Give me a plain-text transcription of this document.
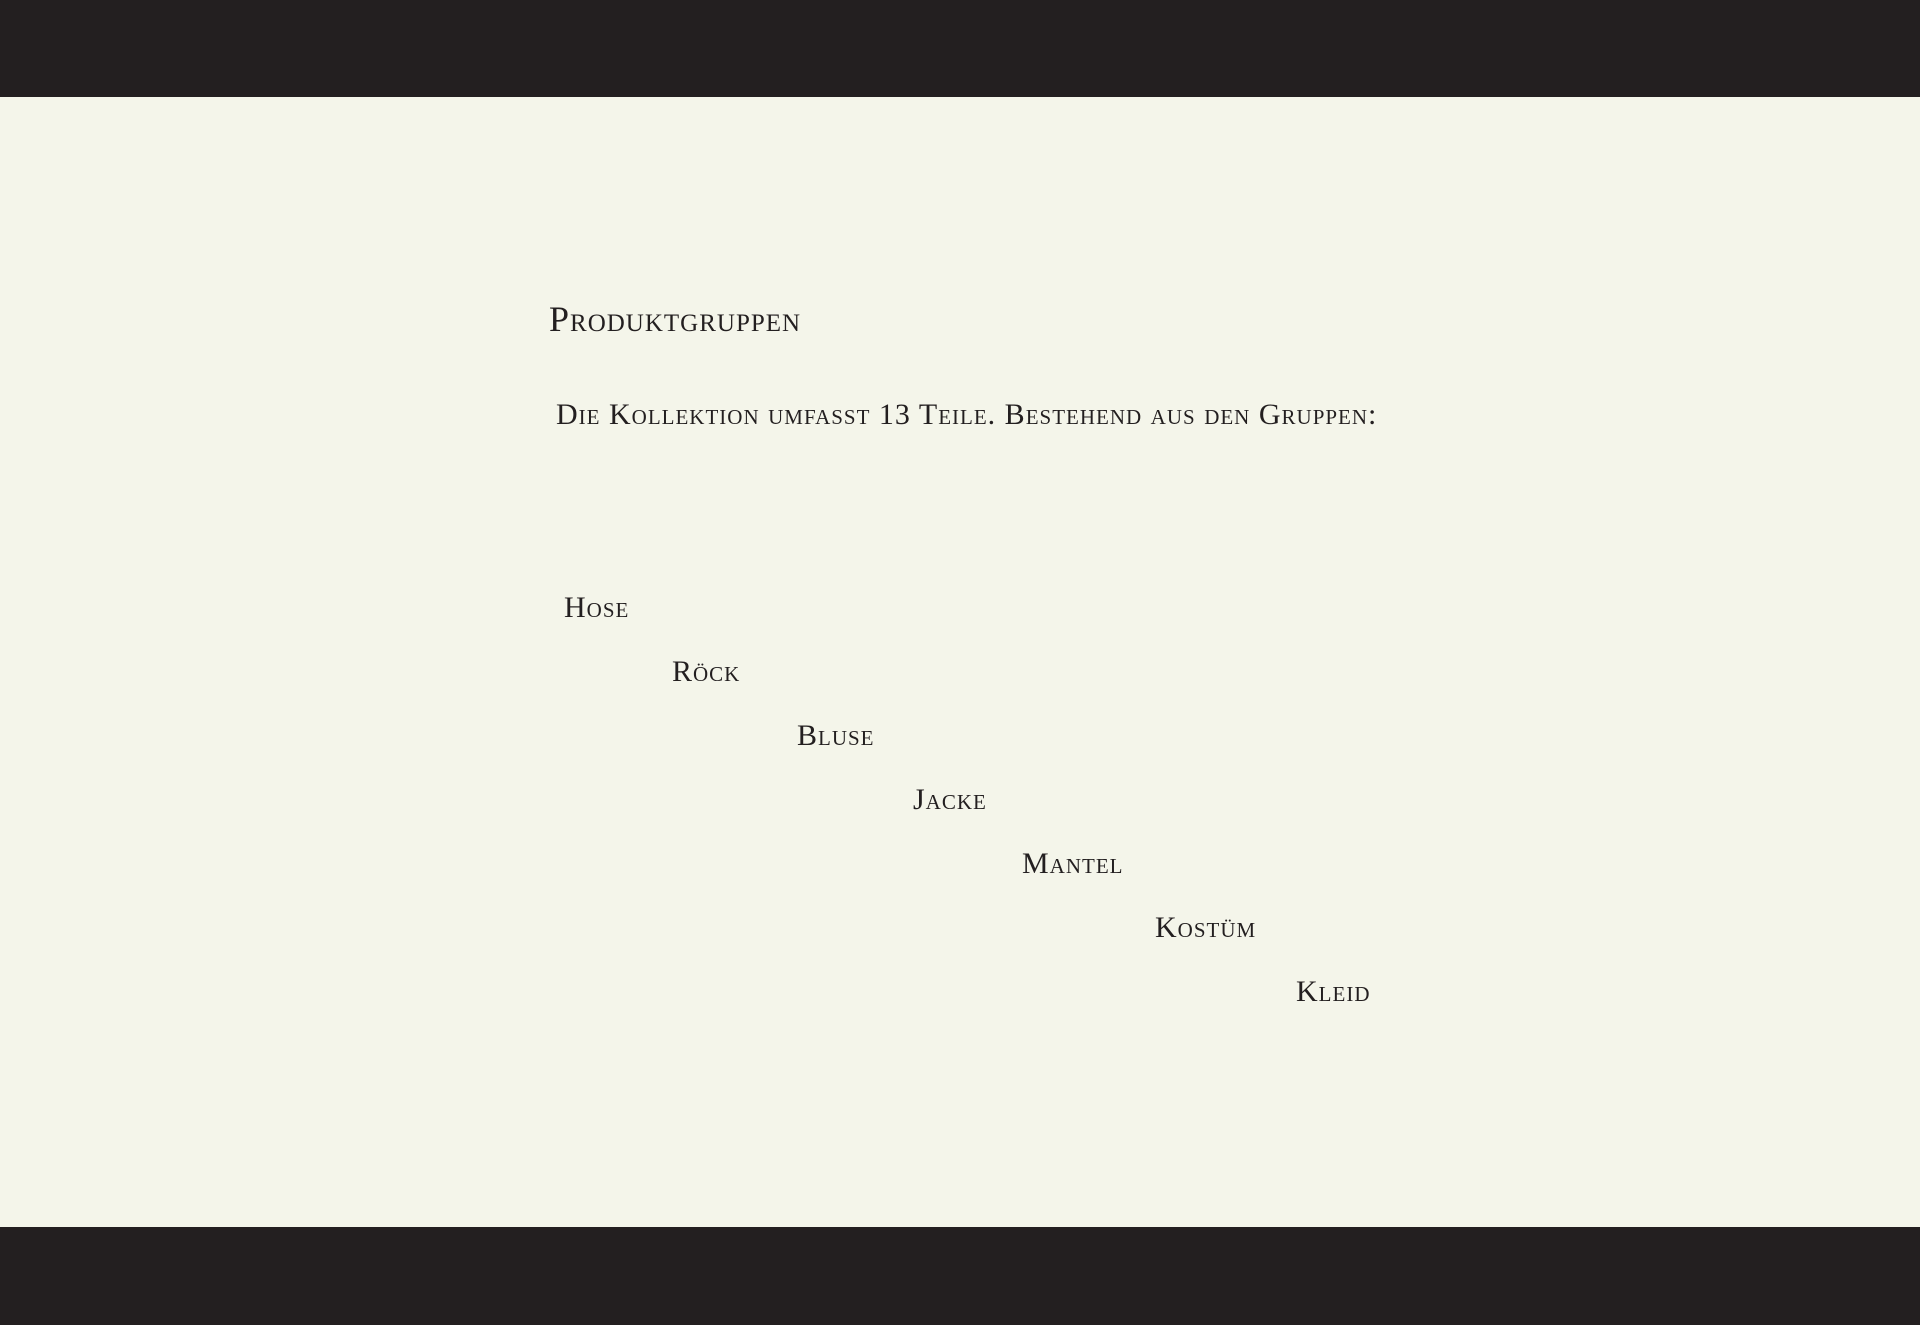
Produktgruppen
Die Kollektion umfasst 13 Teile. Bestehend aus den Gruppen:
Hose
Röck
Bluse
Jacke
Mantel
Kostüm
Kleid
